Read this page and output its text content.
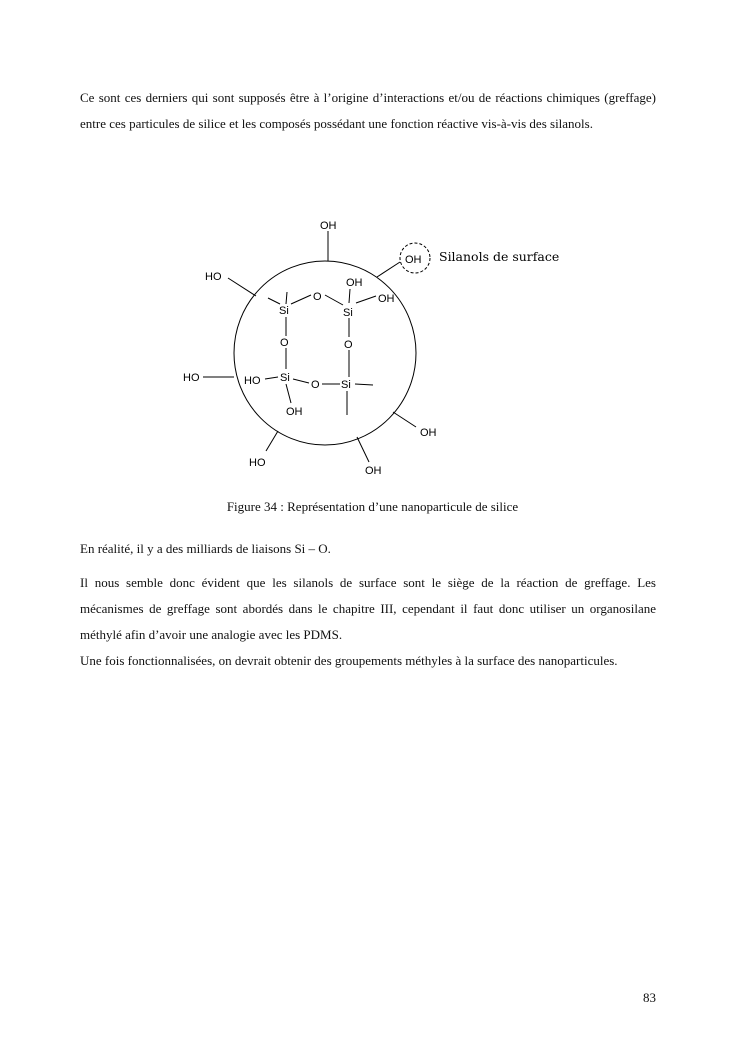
Ce sont ces derniers qui sont supposés être à l’origine d’interactions et/ou de réactions chimiques (greffage) entre ces particules de silice et les composés possédant une fonction réactive vis-à-vis des silanols.

OH
OH
HO	OH
OH
O
Si	Si
O	O
HO	HO Si
O Si
OH
OH
HO
OH
Silanols de surface
Figure 34 : Représentation d’une nanoparticule de silice

En réalité, il y a des milliards de liaisons Si – O.

Il nous semble donc évident que les silanols de surface sont le siège de la réaction de greffage. Les mécanismes de greffage sont abordés dans le chapitre III, cependant il faut donc utiliser un organosilane méthylé afin d’avoir une analogie avec les PDMS.
Une fois fonctionnalisées, on devrait obtenir des groupements méthyles à la surface des nanoparticules.
83
